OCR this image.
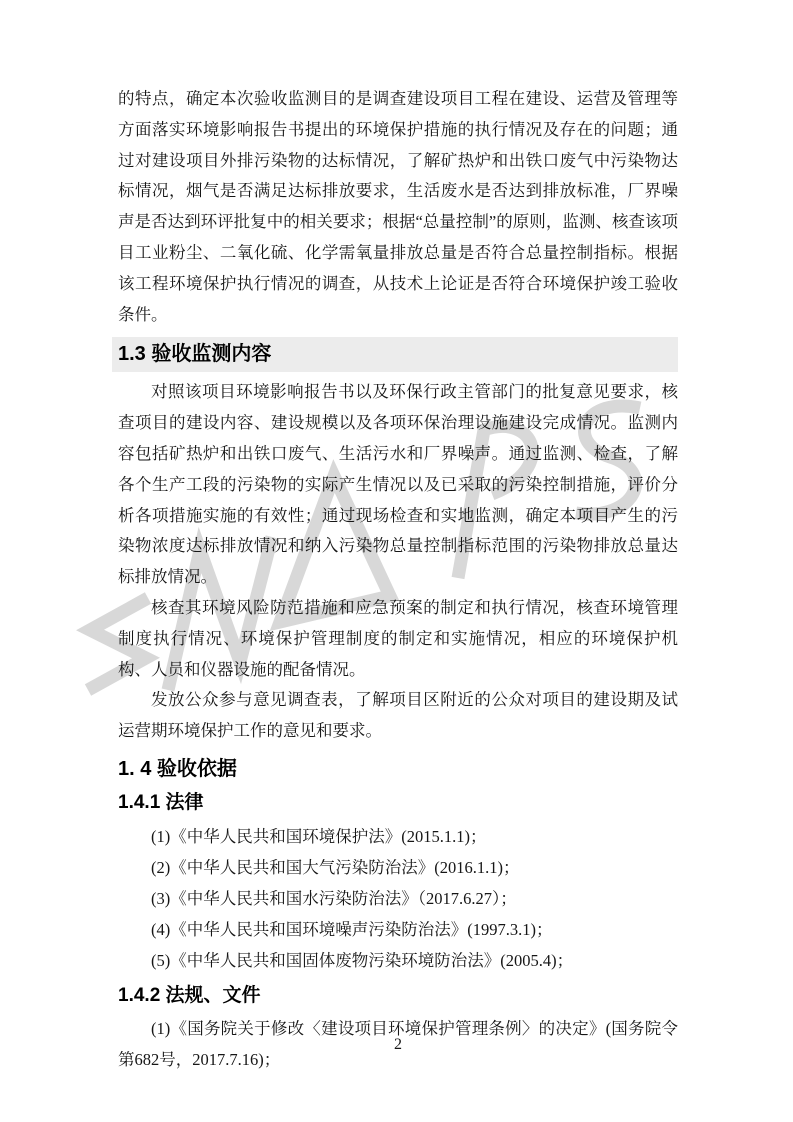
的特点，确定本次验收监测目的是调查建设项目工程在建设、运营及管理等方面落实环境影响报告书提出的环境保护措施的执行情况及存在的问题；通过对建设项目外排污染物的达标情况，了解矿热炉和出铁口废气中污染物达标情况，烟气是否满足达标排放要求，生活废水是否达到排放标准，厂界噪声是否达到环评批复中的相关要求；根据“总量控制”的原则，监测、核查该项目工业粉尘、二氧化硫、化学需氧量排放总量是否符合总量控制指标。根据该工程环境保护执行情况的调查，从技术上论证是否符合环境保护竣工验收条件。

1.3 验收监测内容

对照该项目环境影响报告书以及环保行政主管部门的批复意见要求，核查项目的建设内容、建设规模以及各项环保治理设施建设完成情况。监测内容包括矿热炉和出铁口废气、生活污水和厂界噪声。通过监测、检查，了解各个生产工段的污染物的实际产生情况以及已采取的污染控制措施，评价分析各项措施实施的有效性；通过现场检查和实地监测，确定本项目产生的污染物浓度达标排放情况和纳入污染物总量控制指标范围的污染物排放总量达标排放情况。

核查其环境风险防范措施和应急预案的制定和执行情况，核查环境管理制度执行情况、环境保护管理制度的制定和实施情况，相应的环境保护机构、人员和仪器设施的配备情况。

发放公众参与意见调查表，了解项目区附近的公众对项目的建设期及试运营期环境保护工作的意见和要求。

1. 4 验收依据
1.4.1 法律

(1)《中华人民共和国环境保护法》(2015.1.1)；

(2)《中华人民共和国大气污染防治法》(2016.1.1)；

(3)《中华人民共和国水污染防治法》（2017.6.27）；

(4)《中华人民共和国环境噪声污染防治法》(1997.3.1)；

(5)《中华人民共和国固体废物污染环境防治法》(2005.4)；

1.4.2 法规、文件

(1)《国务院关于修改〈建设项目环境保护管理条例〉的决定》(国务院令第682号，2017.7.16)；

2
